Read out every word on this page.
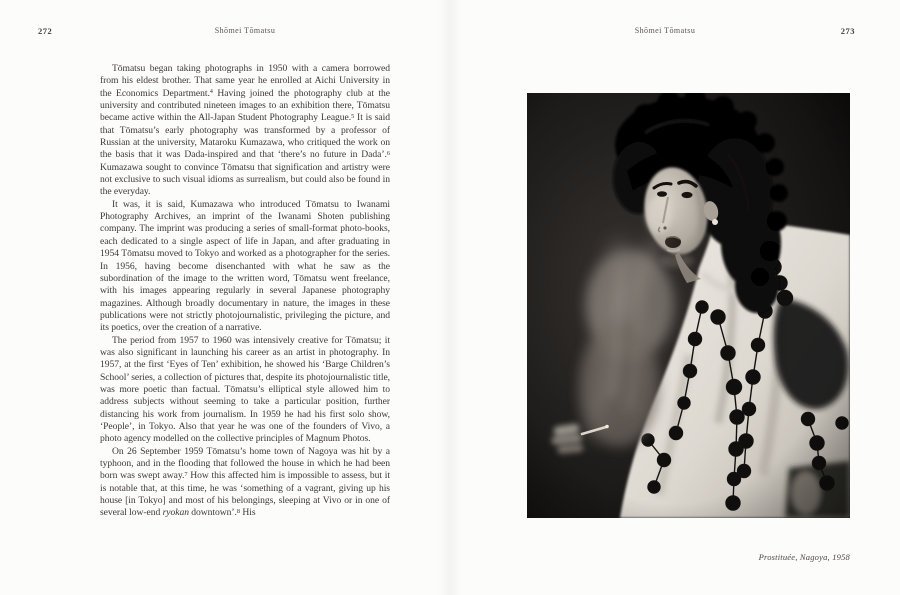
272	Shōmei Tōmatsu

Tōmatsu began taking photographs in 1950 with a camera borrowed from his eldest brother. That same year he enrolled at Aichi University in the Economics Department.$^4$ Having joined the photography club at the university and contributed nineteen images to an exhibition there, Tōmatsu became active within the All-Japan Student Photography League.$^5$ It is said that Tōmatsu’s early photography was transformed by a professor of Russian at the university, Mataroku Kumazawa, who critiqued the work on the basis that it was Dada-inspired and that ‘there’s no future in Dada’.$^6$ Kumazawa sought to convince Tōmatsu that signification and artistry were not exclusive to such visual idioms as surrealism, but could also be found in the everyday.

It was, it is said, Kumazawa who introduced Tōmatsu to Iwanami Photography Archives, an imprint of the Iwanami Shoten publishing company. The imprint was producing a series of small-format photo-books, each dedicated to a single aspect of life in Japan, and after graduating in 1954 Tōmatsu moved to Tokyo and worked as a photographer for the series. In 1956, having become disenchanted with what he saw as the subordination of the image to the written word, Tōmatsu went freelance, with his images appearing regularly in several Japanese photography magazines. Although broadly documentary in nature, the images in these publications were not strictly photojournalistic, privileging the picture, and its poetics, over the creation of a narrative.

The period from 1957 to 1960 was intensively creative for Tōmatsu; it was also significant in launching his career as an artist in photography. In 1957, at the first ‘Eyes of Ten’ exhibition, he showed his ‘Barge Children’s School’ series, a collection of pictures that, despite its photojournalistic title, was more poetic than factual. Tōmatsu’s elliptical style allowed him to address subjects without seeming to take a particular position, further distancing his work from journalism. In 1959 he had his first solo show, ‘People’, in Tokyo. Also that year he was one of the founders of Vivo, a photo agency modelled on the collective principles of Magnum Photos.

On 26 September 1959 Tōmatsu’s home town of Nagoya was hit by a typhoon, and in the flooding that followed the house in which he had been born was swept away.$^7$ How this affected him is impossible to assess, but it is notable that, at this time, he was ‘something of a vagrant, giving up his house [in Tokyo] and most of his belongings, sleeping at Vivo or in one of several low-end ryokan downtown’.$^8$ His

Shōmei Tōmatsu	273
Prostituée, Nagoya, 1958
